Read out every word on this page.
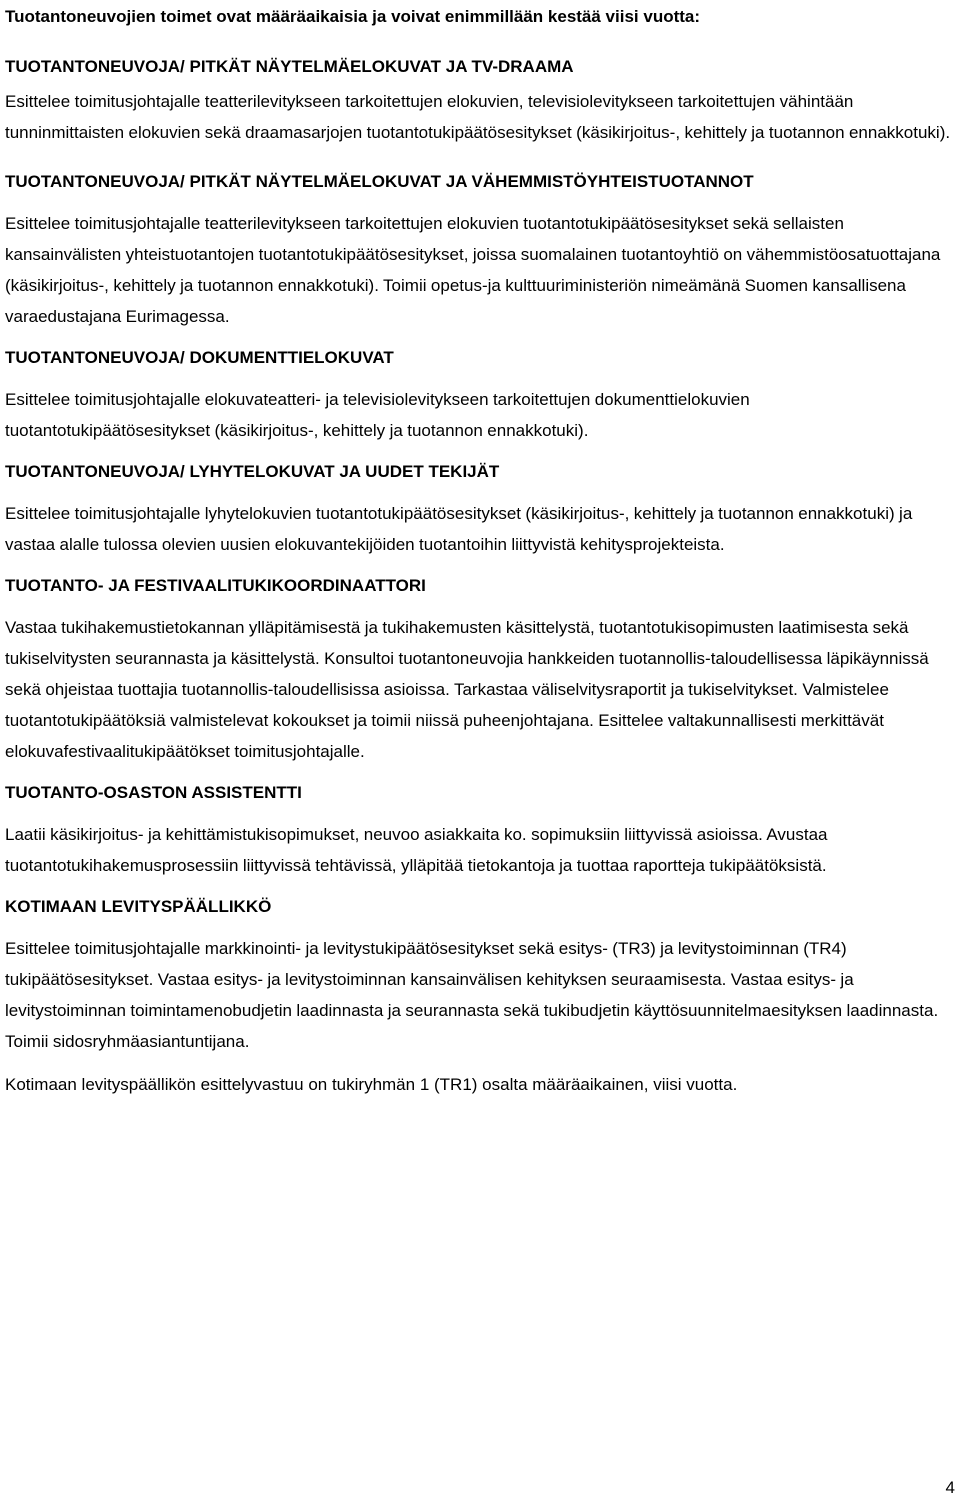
Tuotantoneuvojien toimet ovat määräaikaisia ja voivat enimmillään kestää viisi vuotta:

TUOTANTONEUVOJA/ PITKÄT NÄYTELMÄELOKUVAT JA TV-DRAAMA

Esittelee toimitusjohtajalle teatterilevitykseen tarkoitettujen elokuvien, televisiolevitykseen tarkoitettujen vähintään tunninmittaisten elokuvien sekä draamasarjojen tuotantotukipäätösesitykset (käsikirjoitus-, kehittely ja tuotannon ennakkotuki).

TUOTANTONEUVOJA/ PITKÄT NÄYTELMÄELOKUVAT JA VÄHEMMISTÖYHTEISTUOTANNOT

Esittelee toimitusjohtajalle teatterilevitykseen tarkoitettujen elokuvien tuotantotukipäätösesitykset sekä sellaisten kansainvälisten yhteistuotantojen tuotantotukipäätösesitykset, joissa suomalainen tuotantoyhtiö on vähemmistöosatuottajana (käsikirjoitus-, kehittely ja tuotannon ennakkotuki). Toimii opetus-ja kulttuuriministeriön nimeämänä Suomen kansallisena varaedustajana Eurimagessa.

TUOTANTONEUVOJA/ DOKUMENTTIELOKUVAT

Esittelee toimitusjohtajalle elokuvateatteri- ja televisiolevitykseen tarkoitettujen dokumenttielokuvien tuotantotukipäätösesitykset (käsikirjoitus-, kehittely ja tuotannon ennakkotuki).

TUOTANTONEUVOJA/ LYHYTELOKUVAT JA UUDET TEKIJÄT

Esittelee toimitusjohtajalle lyhytelokuvien tuotantotukipäätösesitykset (käsikirjoitus-, kehittely ja tuotannon ennakkotuki) ja vastaa alalle tulossa olevien uusien elokuvantekijöiden tuotantoihin liittyvistä kehitysprojekteista.

TUOTANTO- JA FESTIVAALITUKIKOORDINAATTORI

Vastaa tukihakemustietokannan ylläpitämisestä ja tukihakemusten käsittelystä, tuotantotukisopimusten laatimisesta sekä tukiselvitysten seurannasta ja käsittelystä. Konsultoi tuotantoneuvojia hankkeiden tuotannollis-taloudellisessa läpikäynnissä sekä ohjeistaa tuottajia tuotannollis-taloudellisissa asioissa. Tarkastaa väliselvitysraportit ja tukiselvitykset. Valmistelee tuotantotukipäätöksiä valmistelevat kokoukset ja toimii niissä puheenjohtajana. Esittelee valtakunnallisesti merkittävät elokuvafestivaalitukipäätökset toimitusjohtajalle.

TUOTANTO-OSASTON ASSISTENTTI

Laatii käsikirjoitus- ja kehittämistukisopimukset, neuvoo asiakkaita ko. sopimuksiin liittyvissä asioissa. Avustaa tuotantotukihakemusprosessiin liittyvissä tehtävissä, ylläpitää tietokantoja ja tuottaa raportteja tukipäätöksistä.

KOTIMAAN LEVITYSPÄÄLLIKKÖ

Esittelee toimitusjohtajalle markkinointi- ja levitystukipäätösesitykset sekä esitys- (TR3) ja levitystoiminnan (TR4) tukipäätösesitykset. Vastaa esitys- ja levitystoiminnan kansainvälisen kehityksen seuraamisesta. Vastaa esitys- ja levitystoiminnan toimintamenobudjetin laadinnasta ja seurannasta sekä tukibudjetin käyttösuunnitelmaesityksen laadinnasta. Toimii sidosryhmäasiantuntijana.

Kotimaan levityspäällikön esittelyvastuu on tukiryhmän 1 (TR1) osalta määräaikainen, viisi vuotta.

4
